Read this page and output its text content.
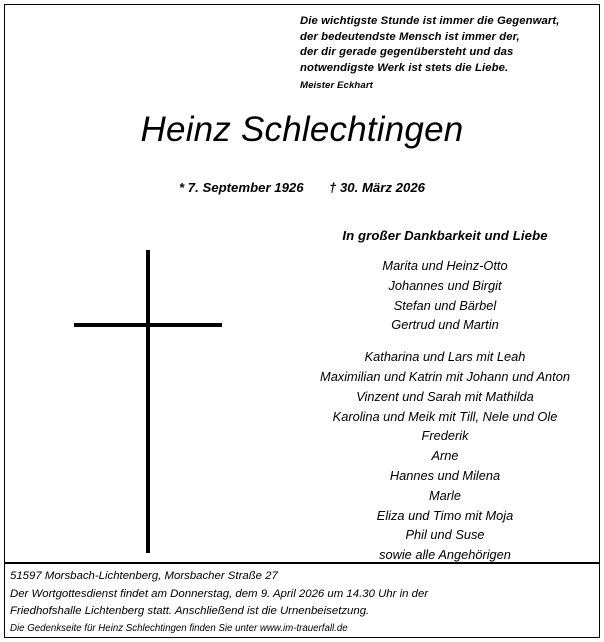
Die wichtigste Stunde ist immer die Gegenwart,
der bedeutendste Mensch ist immer der,
der dir gerade gegenübersteht und das
notwendigste Werk ist stets die Liebe.
Meister Eckhart
Heinz Schlechtingen
* 7. September 1926 † 30. März 2026
In großer Dankbarkeit und Liebe
Marita und Heinz-Otto
Johannes und Birgit
Stefan und Bärbel
Gertrud und Martin
Katharina und Lars mit Leah
Maximilian und Katrin mit Johann und Anton
Vinzent und Sarah mit Mathilda
Karolina und Meik mit Till, Nele und Ole
Frederik
Arne
Hannes und Milena
Marle
Eliza und Timo mit Moja
Phil und Suse
sowie alle Angehörigen
51597 Morsbach-Lichtenberg, Morsbacher Straße 27
Der Wortgottesdienst findet am Donnerstag, dem 9. April 2026 um 14.30 Uhr in der
Friedhofshalle Lichtenberg statt. Anschließend ist die Urnenbeisetzung.
Die Gedenkseite für Heinz Schlechtingen finden Sie unter www.im-trauerfall.de
